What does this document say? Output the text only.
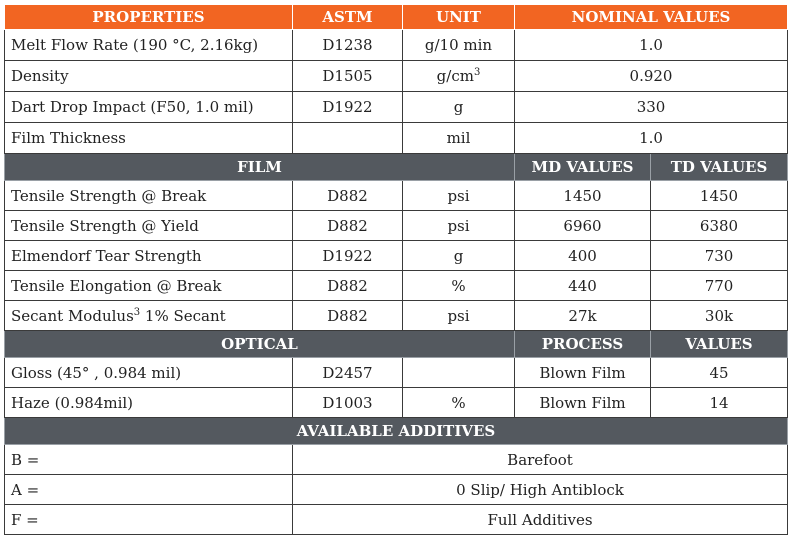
PROPERTIES	ASTM	UNIT	NOMINAL VALUES	
Melt Flow Rate (190 °C, 2.16kg)	D1238	g/10 min	1.0	
Density	D1505	$g/cm^3$	0.920	
Dart Drop Impact (F50, 1.0 mil)	D1922	g	330	
Film Thickness		mil	1.0	
FILM			MD VALUES	TD VALUES
Tensile Strength @ Break	D882	psi	1450	1450
Tensile Strength @ Yield	D882	psi	6960	6380
Elmendorf Tear Strength	D1922	g	400	730
Tensile Elongation @ Break	D882	%	440	770
Secant Modulus$^3$ 1% Secant	D882	psi	27k	30k
OPTICAL			PROCESS	VALUES
Gloss (45° , 0.984 mil)	D2457		Blown Film	45
Haze (0.984mil)	D1003	%	Blown Film	14
AVAILABLE ADDITIVES				
B =	Barefoot			
A =	0 Slip/ High Antiblock			
F =	Full Additives			
